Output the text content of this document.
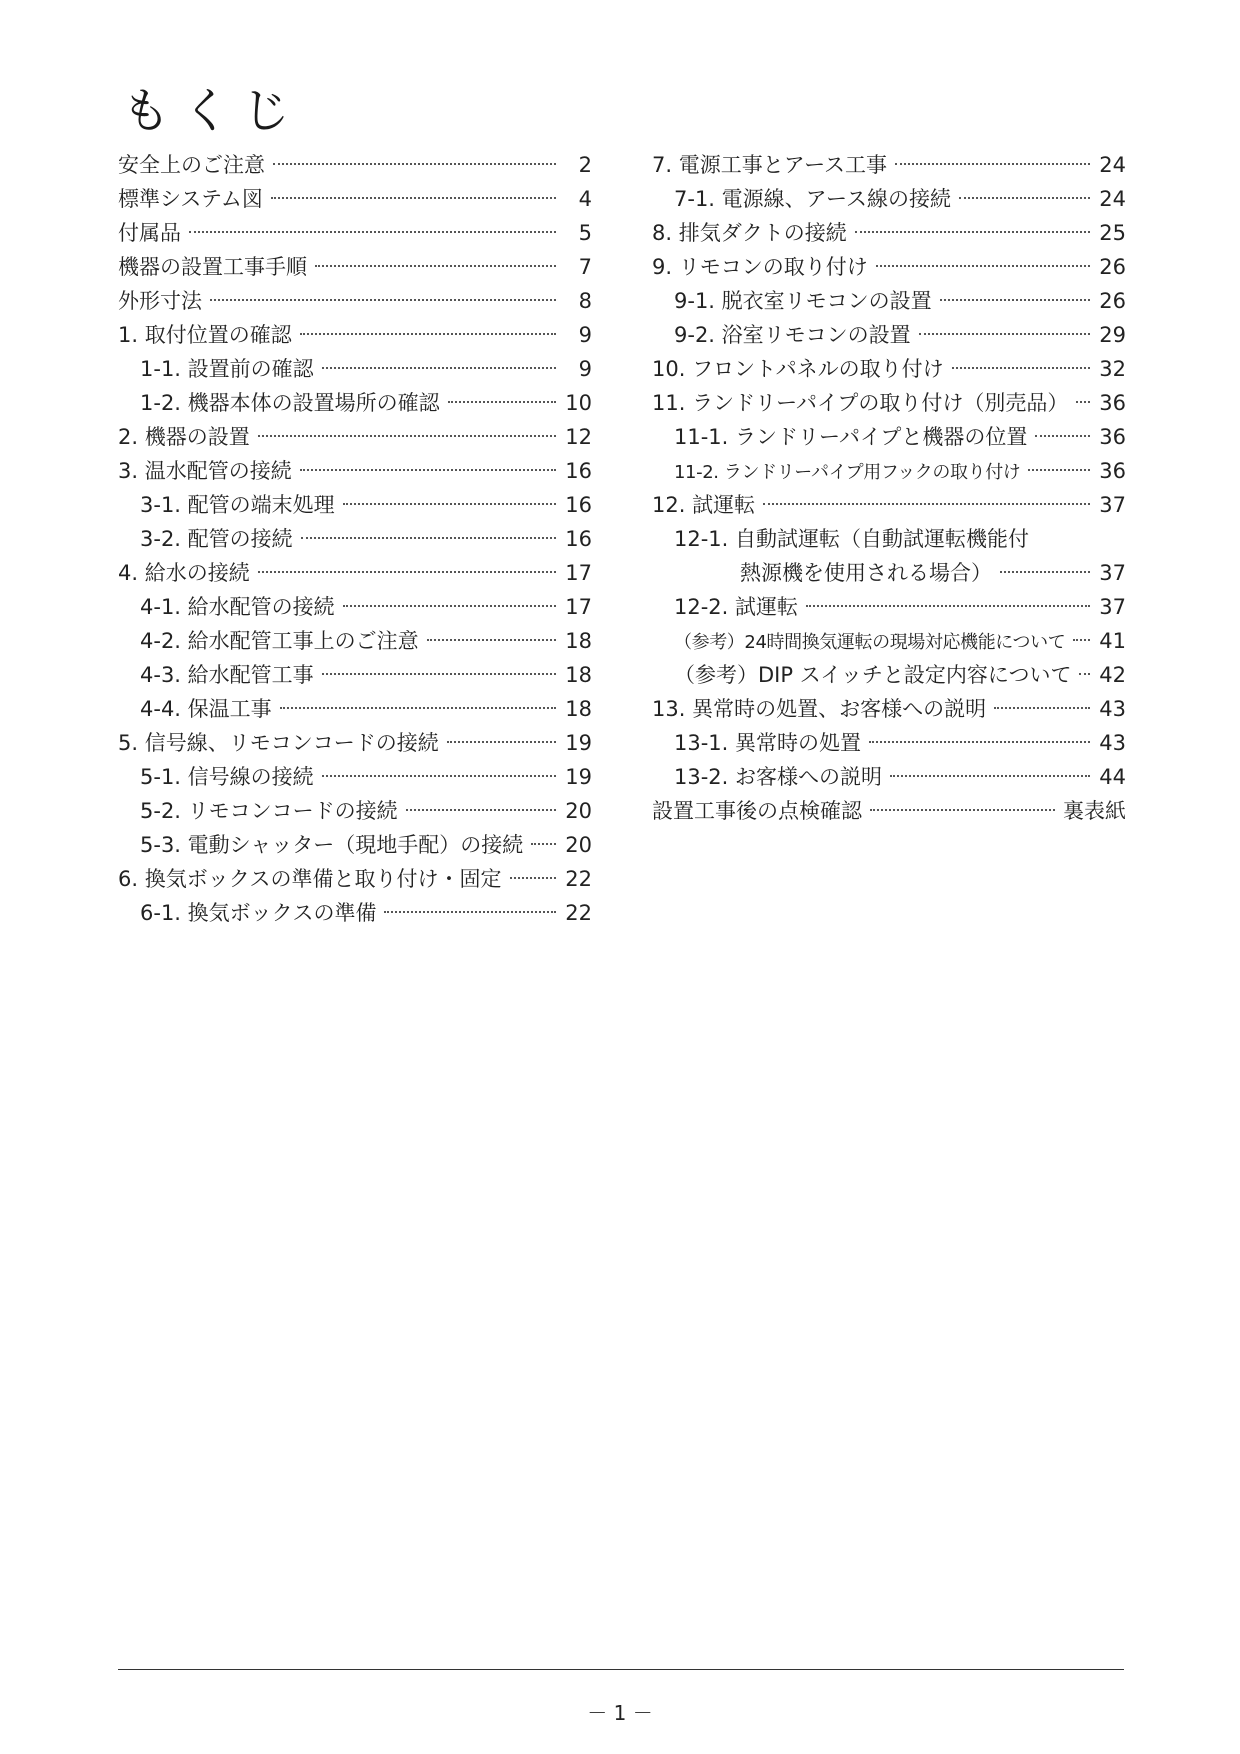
もくじ
安全上のご注意	2
標準システム図	4
付属品	5
機器の設置工事手順	7
外形寸法	8
1. 取付位置の確認	9
1-1. 設置前の確認	9
1-2. 機器本体の設置場所の確認	10
2. 機器の設置	12
3. 温水配管の接続	16
3-1. 配管の端末処理	16
3-2. 配管の接続	16
4. 給水の接続	17
4-1. 給水配管の接続	17
4-2. 給水配管工事上のご注意	18
4-3. 給水配管工事	18
4-4. 保温工事	18
5. 信号線、リモコンコードの接続	19
5-1. 信号線の接続	19
5-2. リモコンコードの接続	20
5-3. 電動シャッター（現地手配）の接続 20
6. 換気ボックスの準備と取り付け・固定	22
6-1. 換気ボックスの準備	22
7. 電源工事とアース工事	24
7-1. 電源線、アース線の接続	24
8. 排気ダクトの接続	25
9. リモコンの取り付け	26
9-1. 脱衣室リモコンの設置	26
9-2. 浴室リモコンの設置	29
10. フロントパネルの取り付け	32
11. ランドリーパイプの取り付け（別売品） 36
11-1. ランドリーパイプと機器の位置	36
11-2. ランドリーパイプ用フックの取り付け	36
12. 試運転	37
12-1. 自動試運転（自動試運転機能付
熱源機を使用される場合）	37
12-2. 試運転	37
（参考）24時間換気運転の現場対応機能について 41
（参考）DIP スイッチと設定内容について 42
13. 異常時の処置、お客様への説明	43
13-1. 異常時の処置	43
13-2. お客様への説明	44
設置工事後の点検確認	裏表紙
－ 1 －
